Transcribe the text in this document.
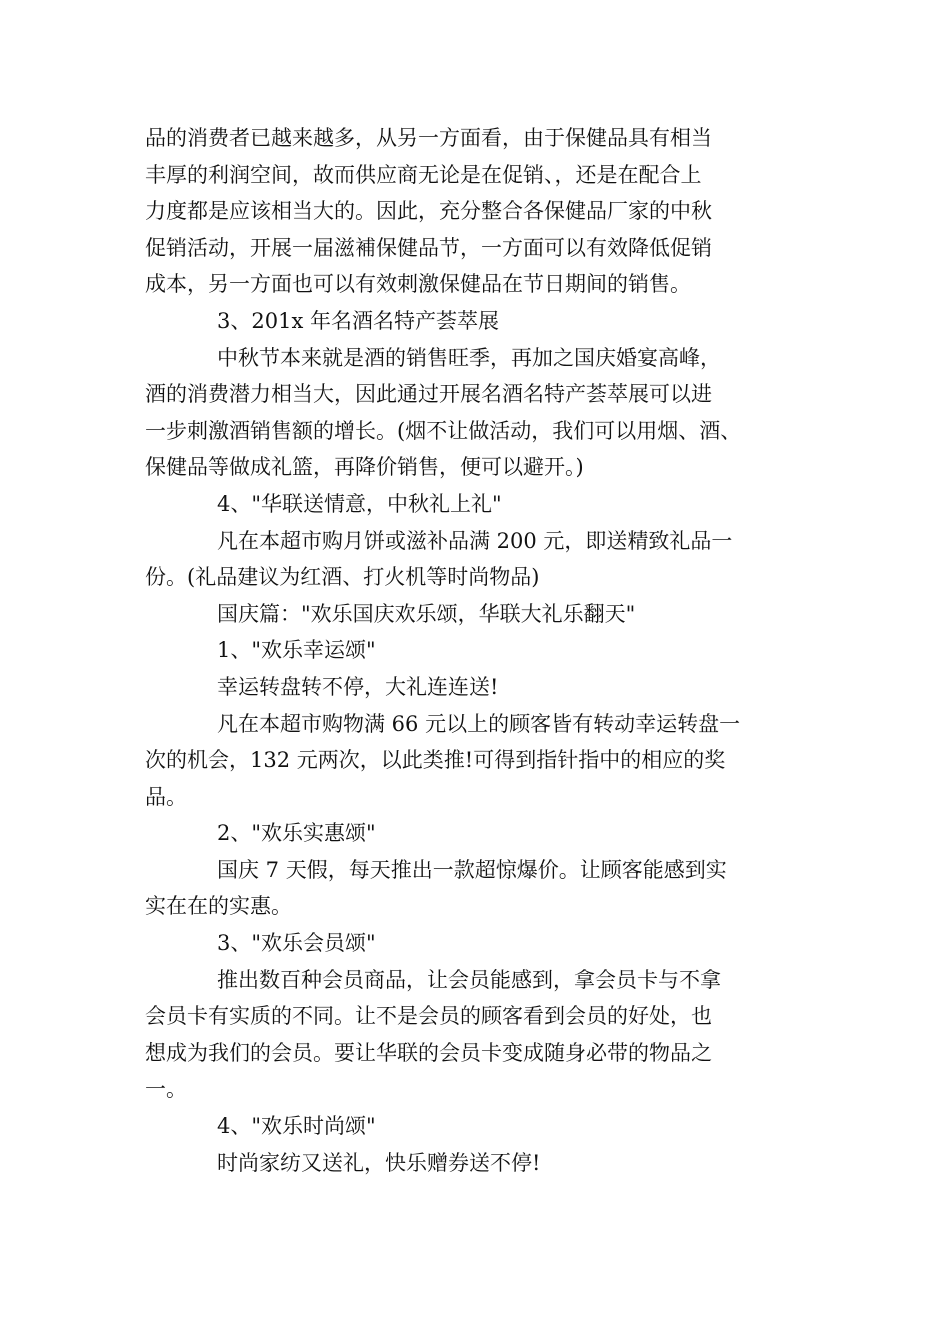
品的消费者已越来越多，从另一方面看，由于保健品具有相当
丰厚的利润空间，故而供应商无论是在促销、，还是在配合上
力度都是应该相当大的。因此，充分整合各保健品厂家的中秋
促销活动，开展一届滋補保健品节，一方面可以有效降低促销
成本，另一方面也可以有效刺激保健品在节日期间的销售。
3、201x 年名酒名特产荟萃展
中秋节本来就是酒的销售旺季，再加之国庆婚宴高峰，
酒的消费潜力相当大，因此通过开展名酒名特产荟萃展可以进
一步刺激酒销售额的增长。(烟不让做活动，我们可以用烟、酒、
保健品等做成礼篮，再降价销售，便可以避开。)
4、"华联送情意，中秋礼上礼"
凡在本超市购月饼或滋补品满 200 元，即送精致礼品一
份。(礼品建议为红酒、打火机等时尚物品)
国庆篇："欢乐国庆欢乐颂，华联大礼乐翻天"
1、"欢乐幸运颂"
幸运转盘转不停，大礼连连送!
凡在本超市购物满 66 元以上的顾客皆有转动幸运转盘一
次的机会，132 元两次，以此类推!可得到指针指中的相应的奖
品。
2、"欢乐实惠颂"
国庆 7 天假，每天推出一款超惊爆价。让顾客能感到实
实在在的实惠。
3、"欢乐会员颂"
推出数百种会员商品，让会员能感到，拿会员卡与不拿
会员卡有实质的不同。让不是会员的顾客看到会员的好处，也
想成为我们的会员。要让华联的会员卡变成随身必带的物品之
一。
4、"欢乐时尚颂"
时尚家纺又送礼，快乐赠券送不停!
